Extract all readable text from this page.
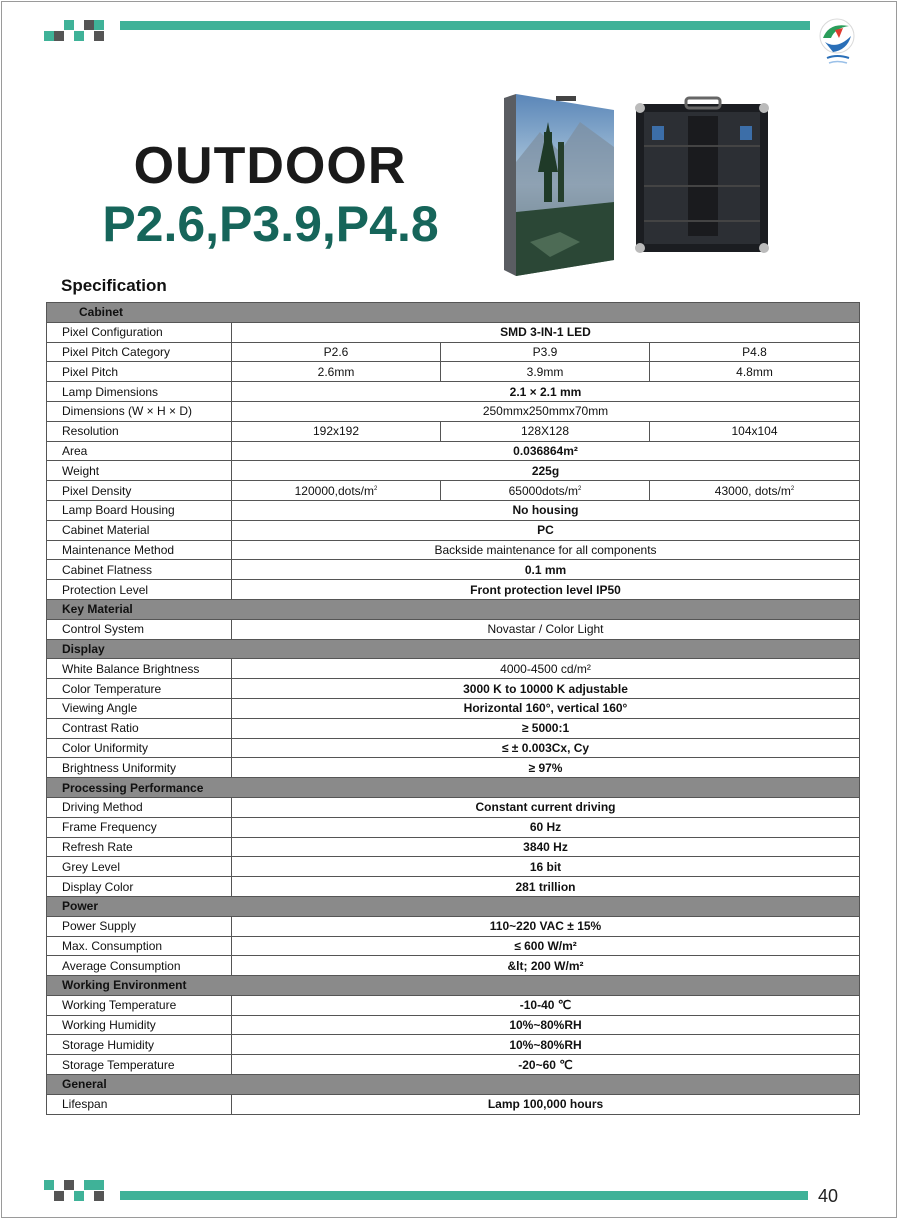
OUTDOOR
P2.6,P3.9,P4.8
Specification
Cabinet			
Pixel Configuration	SMD 3-IN-1 LED		
Pixel Pitch Category	P2.6	P3.9	P4.8
Pixel Pitch	2.6mm	3.9mm	4.8mm
Lamp Dimensions	2.1 × 2.1 mm		
Dimensions (W × H × D)	250mmx250mmx70mm		
Resolution	192x192	128X128	104x104
Area	0.036864m²		
Weight	225g		
Pixel Density	$120000,dots/m^2$	$65000dots/m^2$	43000, dots/$m^2$
Lamp Board Housing	No housing		
Cabinet Material	PC		
Maintenance Method	Backside maintenance for all components		
Cabinet Flatness	0.1 mm		
Protection Level	Front protection level IP50		
Key Material			
Control System	Novastar / Color Light		
Display			
White Balance Brightness	4000-4500 cd/m²		
Color Temperature	3000 K to 10000 K adjustable		
Viewing Angle	Horizontal 160°, vertical 160°		
Contrast Ratio	≥ 5000:1		
Color Uniformity	≤ ± 0.003Cx, Cy		
Brightness Uniformity	≥ 97%		
Processing Performance			
Driving Method	Constant current driving		
Frame Frequency	60 Hz		
Refresh Rate	3840 Hz		
Grey Level	16 bit		
Display Color	281 trillion		
Power			
Power Supply	110~220 VAC ± 15%		
Max. Consumption	≤ 600 W/m²		
Average Consumption	&lt; 200 W/m²		
Working Environment			
Working Temperature	-10-40 ℃		
Working Humidity	10%~80%RH		
Storage Humidity	10%~80%RH		
Storage Temperature	-20~60 ℃		
General			
Lifespan	Lamp 100,000 hours		
40
